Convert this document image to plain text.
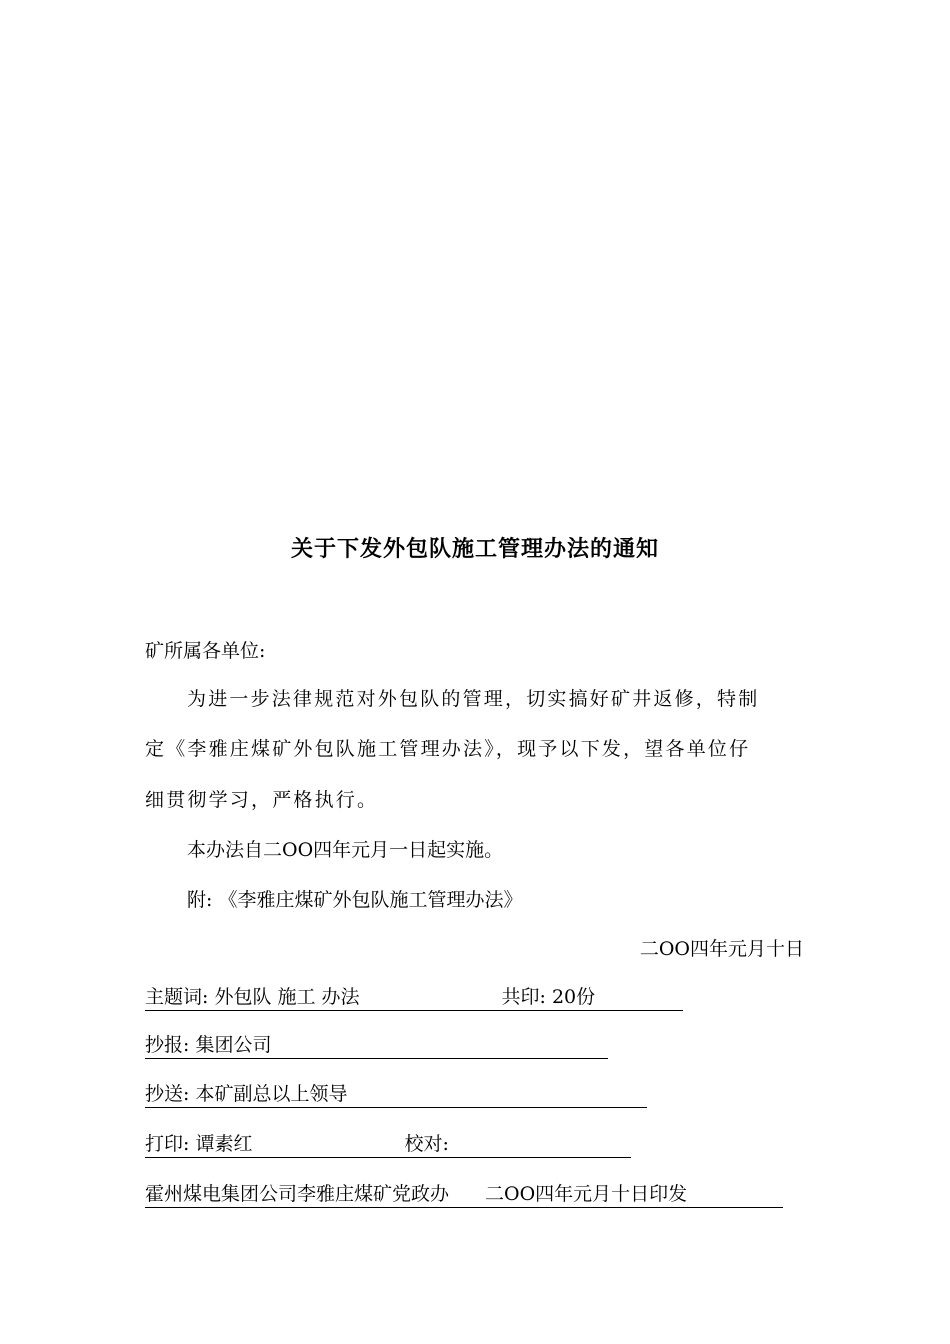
关于下发外包队施工管理办法的通知
矿所属各单位:
为进一步法律规范对外包队的管理，切实搞好矿井返修，特制
定《李雅庄煤矿外包队施工管理办法》，现予以下发，望各单位仔
细贯彻学习，严格执行。
本办法自二OO四年元月一日起实施。
附: 《李雅庄煤矿外包队施工管理办法》
二OO四年元月十日
主题词: 外包队 施工 办法	共印: 20份
抄报: 集团公司
抄送: 本矿副总以上领导
打印: 谭素红	校对:
霍州煤电集团公司李雅庄煤矿党政办 二OO四年元月十日印发
